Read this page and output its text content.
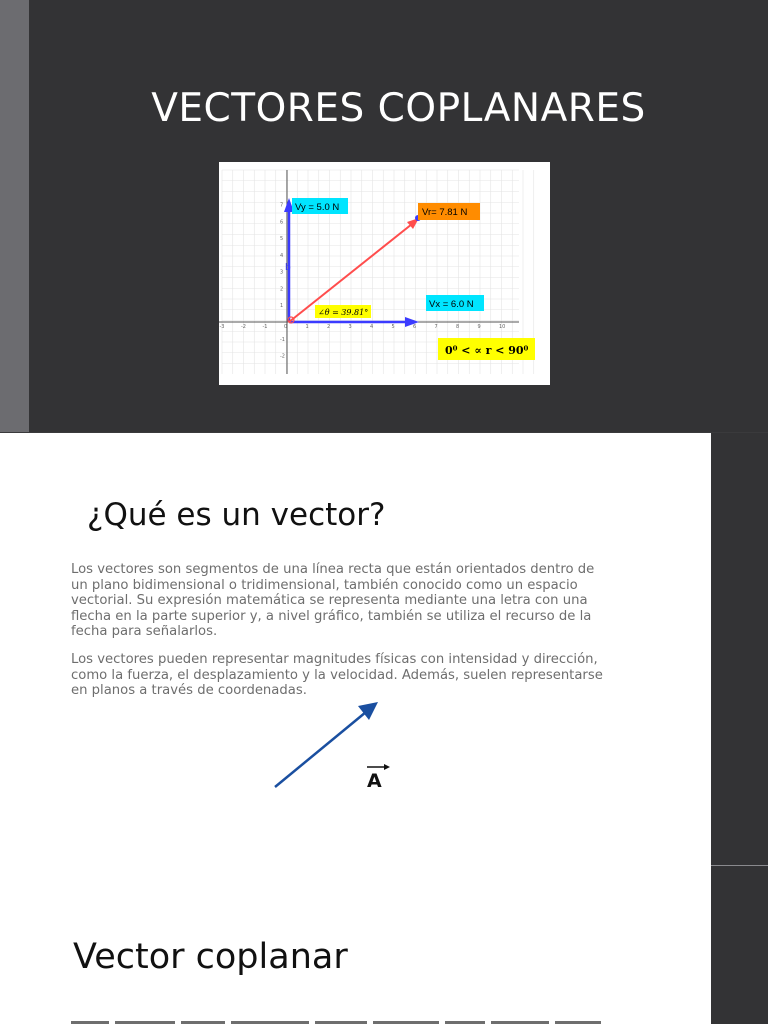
VECTORES COPLANARES
-3	-2	-1	0	1	2	3	4	5	6	7	8	9	10
7
6
5
4
3
2
1
-1
-2
b
Vy = 5.0 N	Vr= 7.81 N
Vx = 6.0 N
∠θ = 39.81°
0⁰ < ∝ r < 90⁰
¿Qué es un vector?

Los vectores son segmentos de una línea recta que están orientados dentro de un plano bidimensional o tridimensional, también conocido como un espacio vectorial. Su expresión matemática se representa mediante una letra con una flecha en la parte superior y, a nivel gráfico, también se utiliza el recurso de la fecha para señalarlos.

Los vectores pueden representar magnitudes físicas con intensidad y dirección, como la fuerza, el desplazamiento y la velocidad. Además, suelen representarse en planos a través de coordenadas.

A
Vector coplanar
